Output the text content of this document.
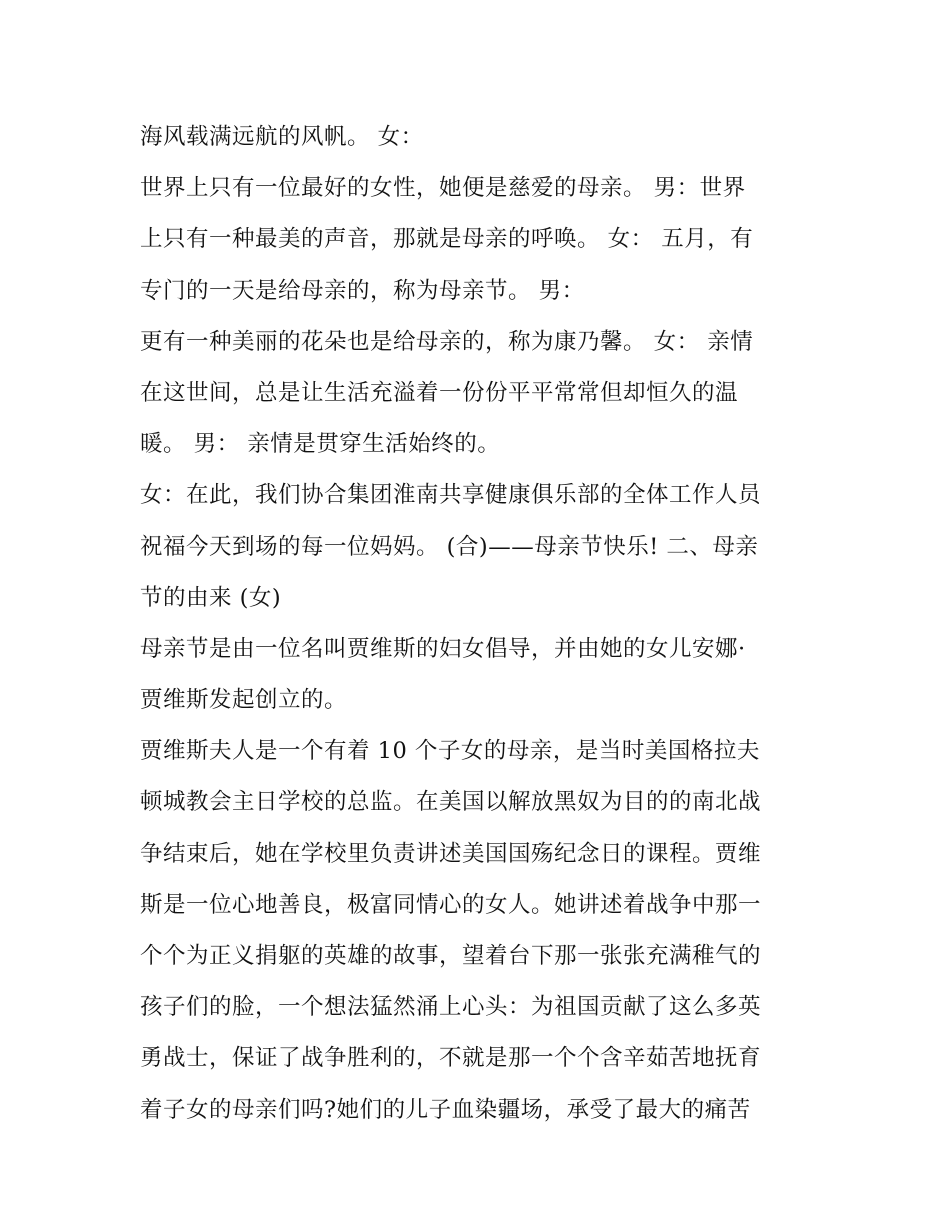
海风载满远航的风帆。 女：
世界上只有一位最好的女性，她便是慈爱的母亲。 男：世界
上只有一种最美的声音，那就是母亲的呼唤。 女： 五月，有
专门的一天是给母亲的，称为母亲节。 男：
更有一种美丽的花朵也是给母亲的，称为康乃馨。 女： 亲情
在这世间，总是让生活充溢着一份份平平常常但却恒久的温
暖。 男： 亲情是贯穿生活始终的。
女：在此，我们协合集团淮南共享健康俱乐部的全体工作人员
祝福今天到场的每一位妈妈。 (合)——母亲节快乐! 二、母亲
节的由来 (女)
母亲节是由一位名叫贾维斯的妇女倡导，并由她的女儿安娜·
贾维斯发起创立的。
贾维斯夫人是一个有着 10 个子女的母亲，是当时美国格拉夫
顿城教会主日学校的总监。在美国以解放黑奴为目的的南北战
争结束后，她在学校里负责讲述美国国殇纪念日的课程。贾维
斯是一位心地善良，极富同情心的女人。她讲述着战争中那一
个个为正义捐躯的英雄的故事，望着台下那一张张充满稚气的
孩子们的脸，一个想法猛然涌上心头：为祖国贡献了这么多英
勇战士，保证了战争胜利的，不就是那一个个含辛茹苦地抚育
着子女的母亲们吗?她们的儿子血染疆场，承受了最大的痛苦
